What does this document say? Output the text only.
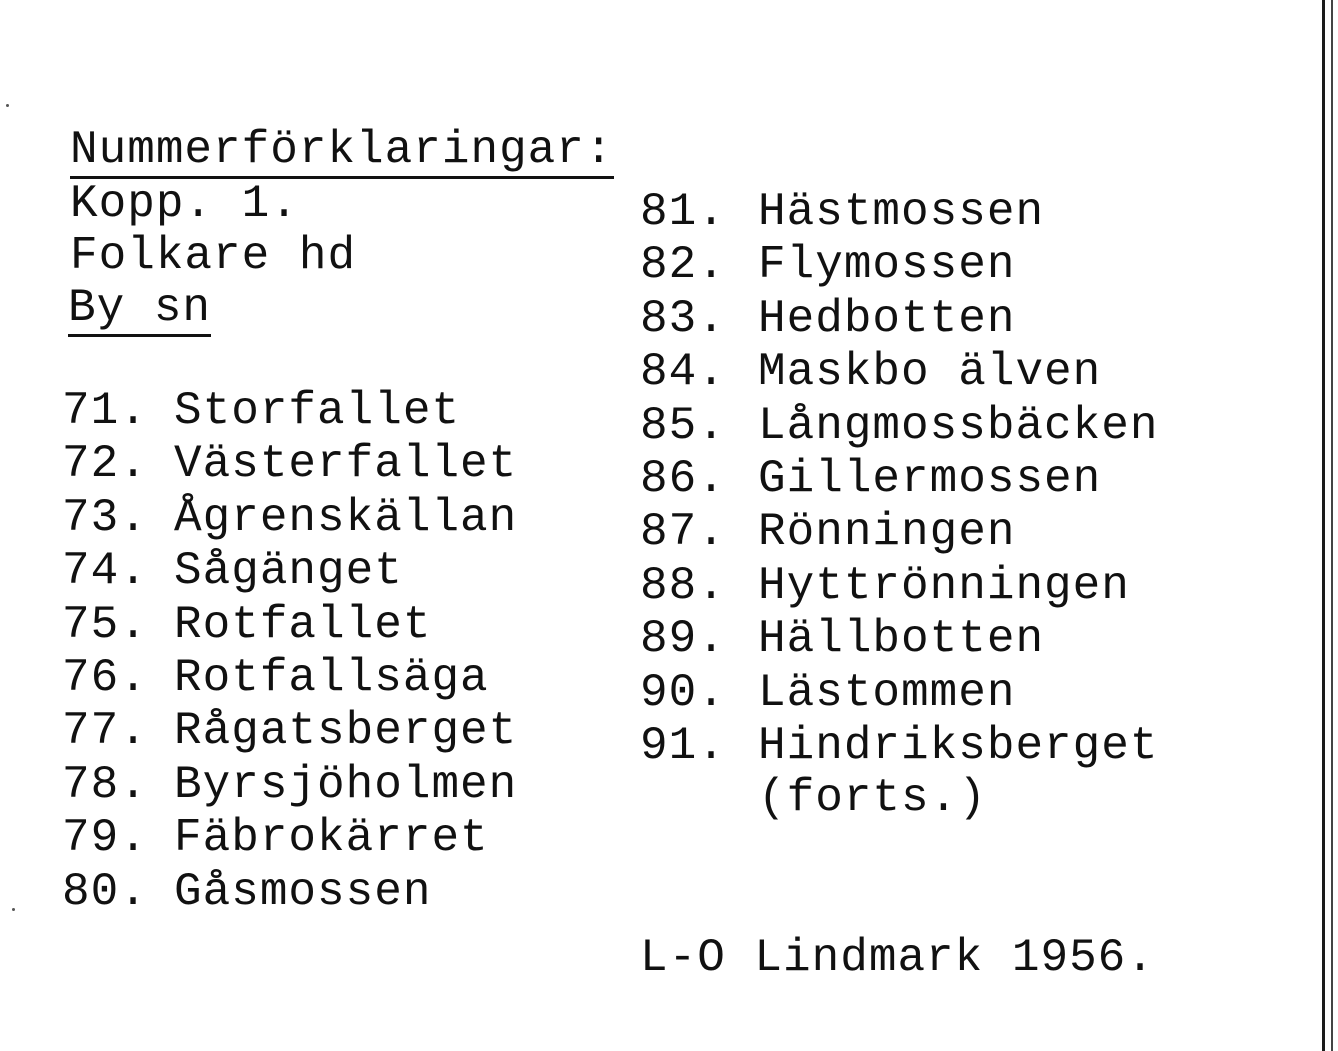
Nummerförklaringar:
Kopp. 1.
Folkare hd
By sn
71. Storfallet
72. Västerfallet
73. Ågrenskällan
74. Sågänget
75. Rotfallet
76. Rotfallsäga
77. Rågatsberget
78. Byrsjöholmen
79. Fäbrokärret
80. Gåsmossen
81. Hästmossen
82. Flymossen
83. Hedbotten
84. Maskbo älven
85. Långmossbäcken
86. Gillermossen
87. Rönningen
88. Hyttrönningen
89. Hällbotten
90. Lästommen
91. Hindriksberget
(forts.)
L-O Lindmark 1956.
